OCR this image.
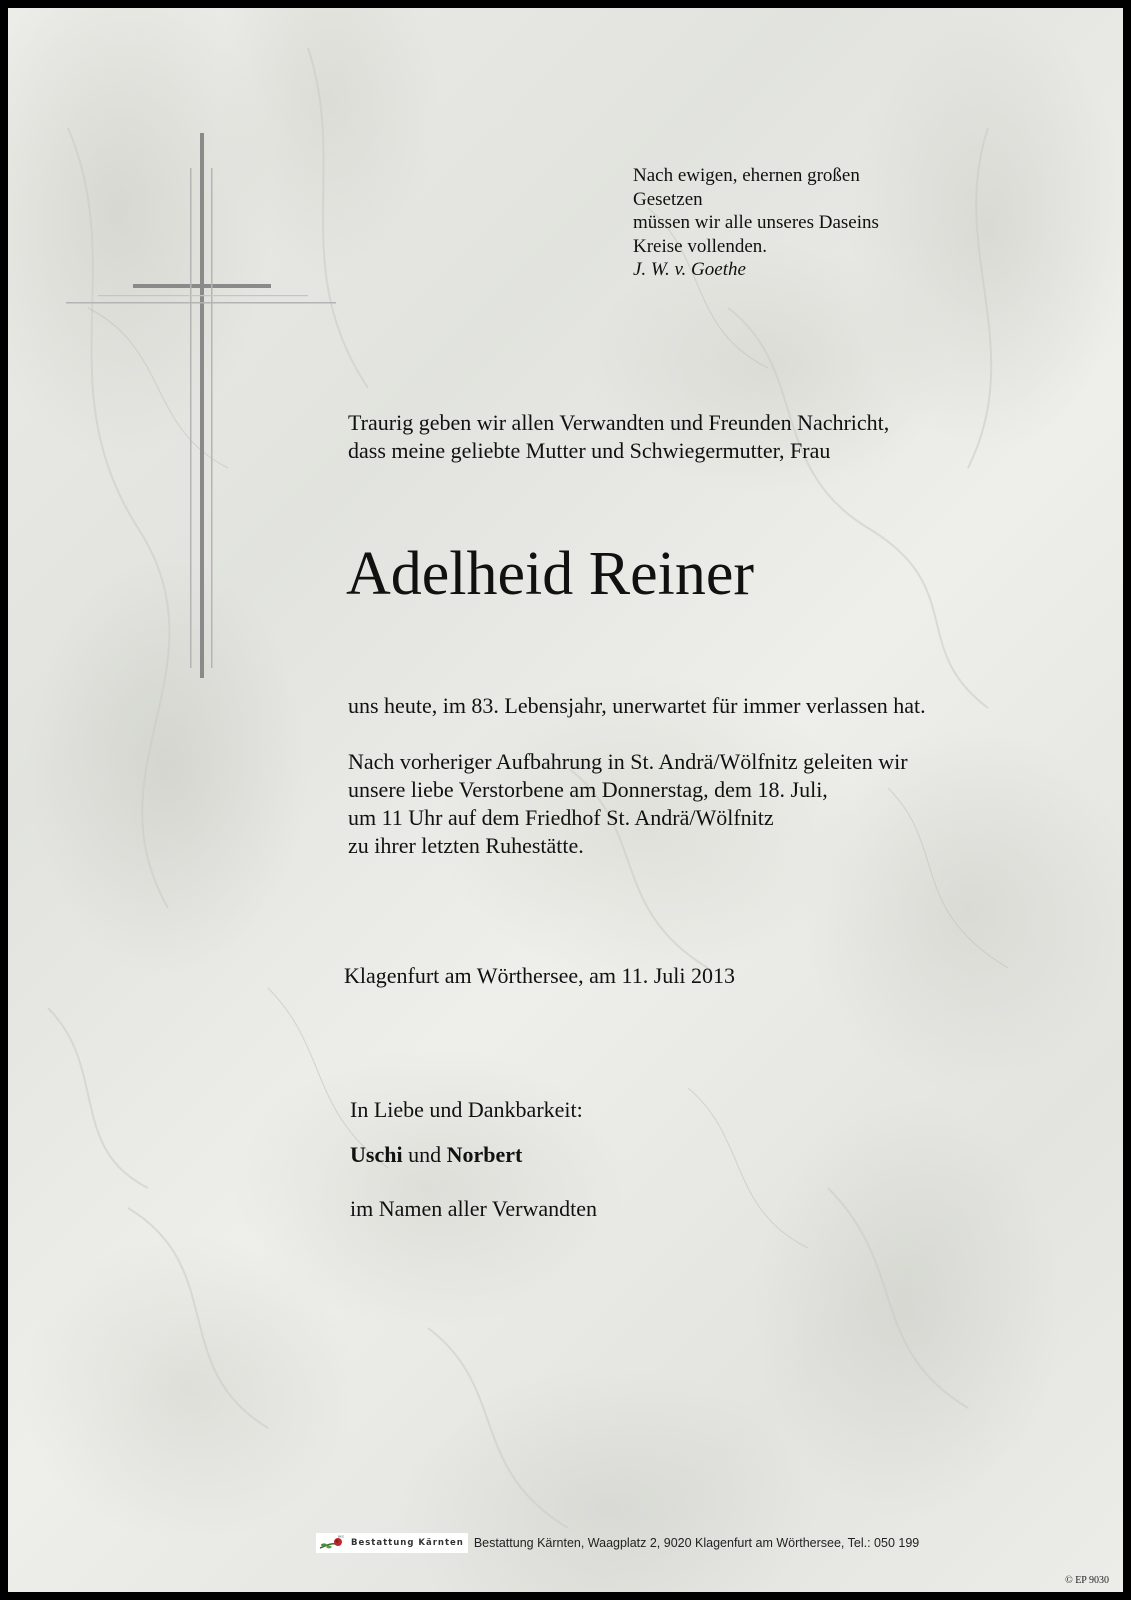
Nach ewigen, ehernen großen
Gesetzen
müssen wir alle unseres Daseins
Kreise vollenden.
J. W. v. Goethe
Traurig geben wir allen Verwandten und Freunden Nachricht,
dass meine geliebte Mutter und Schwiegermutter, Frau
Adelheid Reiner
uns heute, im 83. Lebensjahr, unerwartet für immer verlassen hat.
Nach vorheriger Aufbahrung in St. Andrä/Wölfnitz geleiten wir
unsere liebe Verstorbene am Donnerstag, dem 18. Juli,
um 11 Uhr auf dem Friedhof St. Andrä/Wölfnitz
zu ihrer letzten Ruhestätte.
Klagenfurt am Wörthersee, am 11. Juli 2013
In Liebe und Dankbarkeit:
Uschi und Norbert
im Namen aller Verwandten
BKG
Bestattung Kärnten Bestattung Kärnten, Waagplatz 2, 9020 Klagenfurt am Wörthersee, Tel.: 050 199
© EP 9030
